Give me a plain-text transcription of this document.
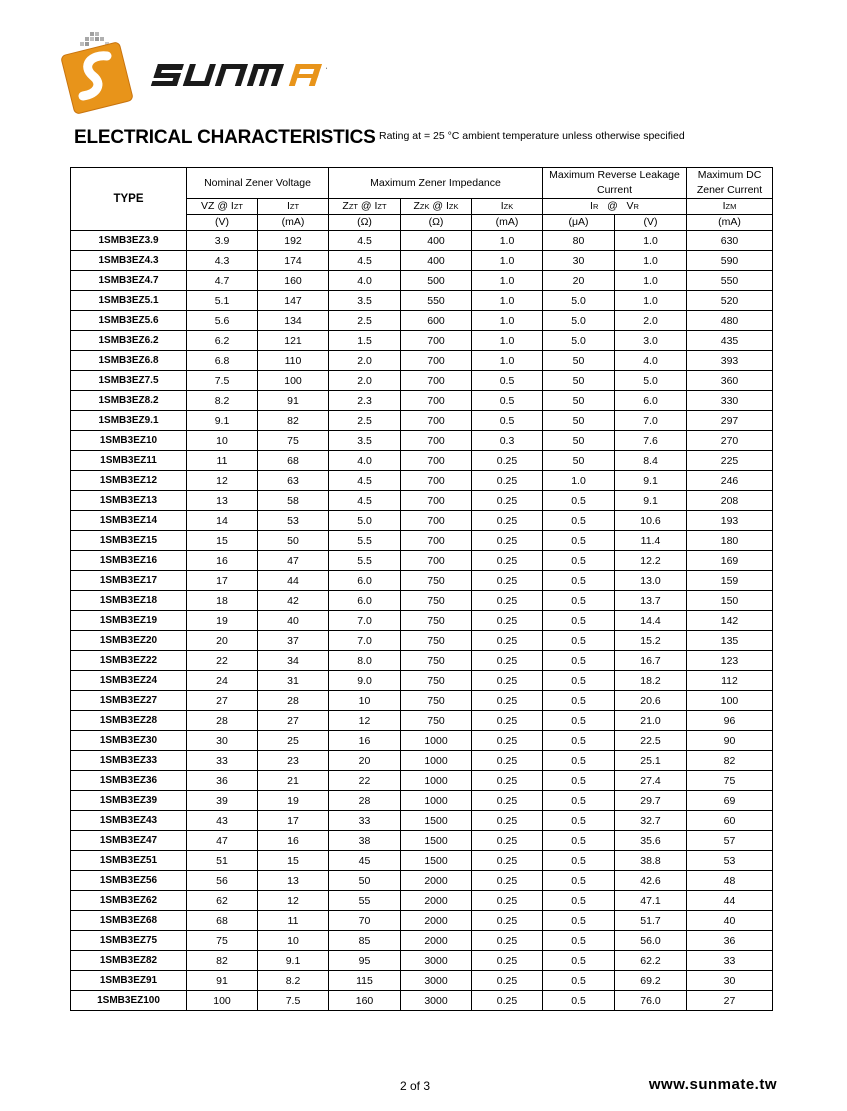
ELECTRICAL CHARACTERISTICS Rating at = 25 °C ambient temperature unless otherwise specified
TYPE	Nominal Zener Voltage		Maximum Zener Impedance			Maximum Reverse Leakage Current		Maximum DC Zener Current
	VZ @ IZT	IZT	ZZT @ IZT	ZZK @ IZK	IZK	IR   @   VR		IZM
	(V)	(mA)	(Ω)	(Ω)	(mA)	(μA)	(V)	(mA)
1SMB3EZ3.9	3.9	192	4.5	400	1.0	80	1.0	630
1SMB3EZ4.3	4.3	174	4.5	400	1.0	30	1.0	590
1SMB3EZ4.7	4.7	160	4.0	500	1.0	20	1.0	550
1SMB3EZ5.1	5.1	147	3.5	550	1.0	5.0	1.0	520
1SMB3EZ5.6	5.6	134	2.5	600	1.0	5.0	2.0	480
1SMB3EZ6.2	6.2	121	1.5	700	1.0	5.0	3.0	435
1SMB3EZ6.8	6.8	110	2.0	700	1.0	50	4.0	393
1SMB3EZ7.5	7.5	100	2.0	700	0.5	50	5.0	360
1SMB3EZ8.2	8.2	91	2.3	700	0.5	50	6.0	330
1SMB3EZ9.1	9.1	82	2.5	700	0.5	50	7.0	297
1SMB3EZ10	10	75	3.5	700	0.3	50	7.6	270
1SMB3EZ11	11	68	4.0	700	0.25	50	8.4	225
1SMB3EZ12	12	63	4.5	700	0.25	1.0	9.1	246
1SMB3EZ13	13	58	4.5	700	0.25	0.5	9.1	208
1SMB3EZ14	14	53	5.0	700	0.25	0.5	10.6	193
1SMB3EZ15	15	50	5.5	700	0.25	0.5	11.4	180
1SMB3EZ16	16	47	5.5	700	0.25	0.5	12.2	169
1SMB3EZ17	17	44	6.0	750	0.25	0.5	13.0	159
1SMB3EZ18	18	42	6.0	750	0.25	0.5	13.7	150
1SMB3EZ19	19	40	7.0	750	0.25	0.5	14.4	142
1SMB3EZ20	20	37	7.0	750	0.25	0.5	15.2	135
1SMB3EZ22	22	34	8.0	750	0.25	0.5	16.7	123
1SMB3EZ24	24	31	9.0	750	0.25	0.5	18.2	112
1SMB3EZ27	27	28	10	750	0.25	0.5	20.6	100
1SMB3EZ28	28	27	12	750	0.25	0.5	21.0	96
1SMB3EZ30	30	25	16	1000	0.25	0.5	22.5	90
1SMB3EZ33	33	23	20	1000	0.25	0.5	25.1	82
1SMB3EZ36	36	21	22	1000	0.25	0.5	27.4	75
1SMB3EZ39	39	19	28	1000	0.25	0.5	29.7	69
1SMB3EZ43	43	17	33	1500	0.25	0.5	32.7	60
1SMB3EZ47	47	16	38	1500	0.25	0.5	35.6	57
1SMB3EZ51	51	15	45	1500	0.25	0.5	38.8	53
1SMB3EZ56	56	13	50	2000	0.25	0.5	42.6	48
1SMB3EZ62	62	12	55	2000	0.25	0.5	47.1	44
1SMB3EZ68	68	11	70	2000	0.25	0.5	51.7	40
1SMB3EZ75	75	10	85	2000	0.25	0.5	56.0	36
1SMB3EZ82	82	9.1	95	3000	0.25	0.5	62.2	33
1SMB3EZ91	91	8.2	115	3000	0.25	0.5	69.2	30
1SMB3EZ100	100	7.5	160	3000	0.25	0.5	76.0	27
2 of 3	www.sunmate.tw
